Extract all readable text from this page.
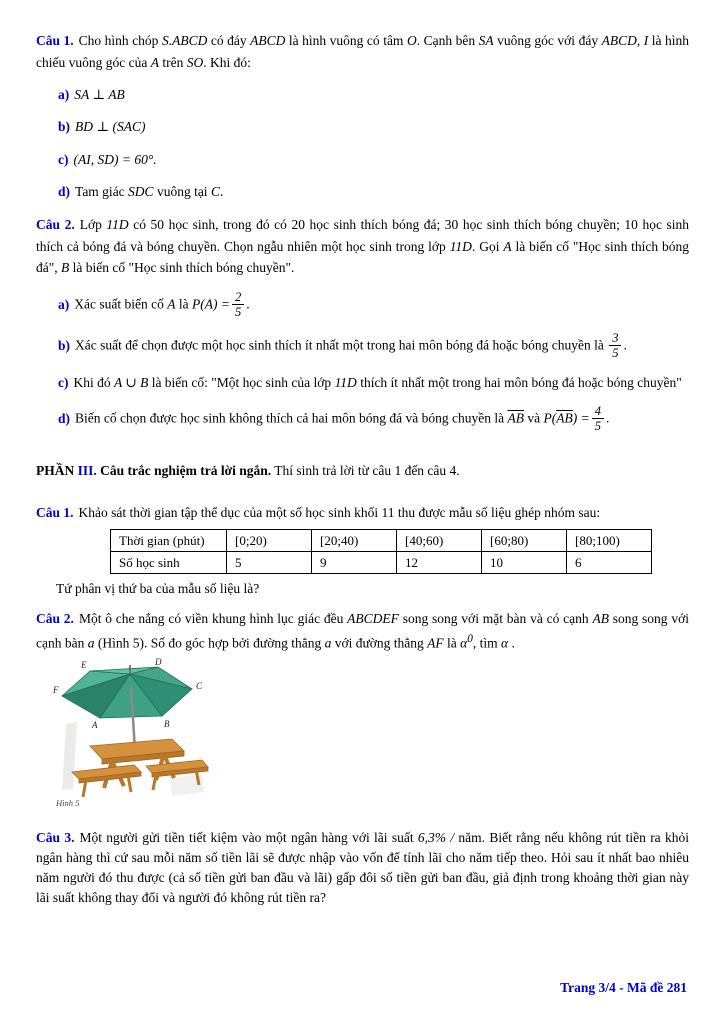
Câu 1. Cho hình chóp S.ABCD có đáy ABCD là hình vuông có tâm O. Cạnh bên SA vuông góc với đáy ABCD, I là hình chiếu vuông góc của A trên SO. Khi đó:

a) SA ⊥ AB

b) BD ⊥ (SAC)

c) (AI, SD) = 60°.

d) Tam giác SDC vuông tại C.

Câu 2. Lớp 11D có 50 học sinh, trong đó có 20 học sinh thích bóng đá; 30 học sinh thích bóng chuyền; 10 học sinh thích cả bóng đá và bóng chuyền. Chọn ngẫu nhiên một học sinh trong lớp 11D. Gọi A là biến cố "Học sinh thích bóng đá", B là biến cố "Học sinh thích bóng chuyền".

a) Xác suất biến cố A là $P(A) = \frac{2}{5}$ .

b) Xác suất để chọn được một học sinh thích ít nhất một trong hai môn bóng đá hoặc bóng chuyền là $\frac{3}{5}$ .

c) Khi đó A ∪ B là biến cố: "Một học sinh của lớp 11D thích ít nhất một trong hai môn bóng đá hoặc bóng chuyền"

d) Biến cố chọn được học sinh không thích cả hai môn bóng đá và bóng chuyền là $\overline{AB}$ và $P(\overline{AB}) = \frac{4}{5}$ .

PHẦN III. Câu trắc nghiệm trả lời ngắn. Thí sinh trả lời từ câu 1 đến câu 4.

Câu 1. Khảo sát thời gian tập thể dục của một số học sinh khối 11 thu được mẫu số liệu ghép nhóm sau:

Thời gian (phút)	[0;20)	[20;40)	[40;60)	[60;80)	[80;100)
Số học sinh	5	9	12	10	6

Tứ phân vị thứ ba của mẫu số liệu là?

Câu 2. Một ô che nắng có viền khung hình lục giác đều ABCDEF song song với mặt bàn và có cạnh AB song song với cạnh bàn a (Hình 5). Số đo góc hợp bởi đường thẳng a với đường thẳng AF là $\alpha^0$, tìm α .

E	D
F	C
A	B
Hình 5

Câu 3. Một người gửi tiền tiết kiệm vào một ngân hàng với lãi suất 6,3% / năm. Biết rằng nếu không rút tiền ra khỏi ngân hàng thì cứ sau mỗi năm số tiền lãi sẽ được nhập vào vốn để tính lãi cho năm tiếp theo. Hỏi sau ít nhất bao nhiêu năm người đó thu được (cả số tiền gửi ban đầu và lãi) gấp đôi số tiền gửi ban đầu, giả định trong khoảng thời gian này lãi suất không thay đổi và người đó không rút tiền ra?

Trang 3/4 - Mã đề 281
